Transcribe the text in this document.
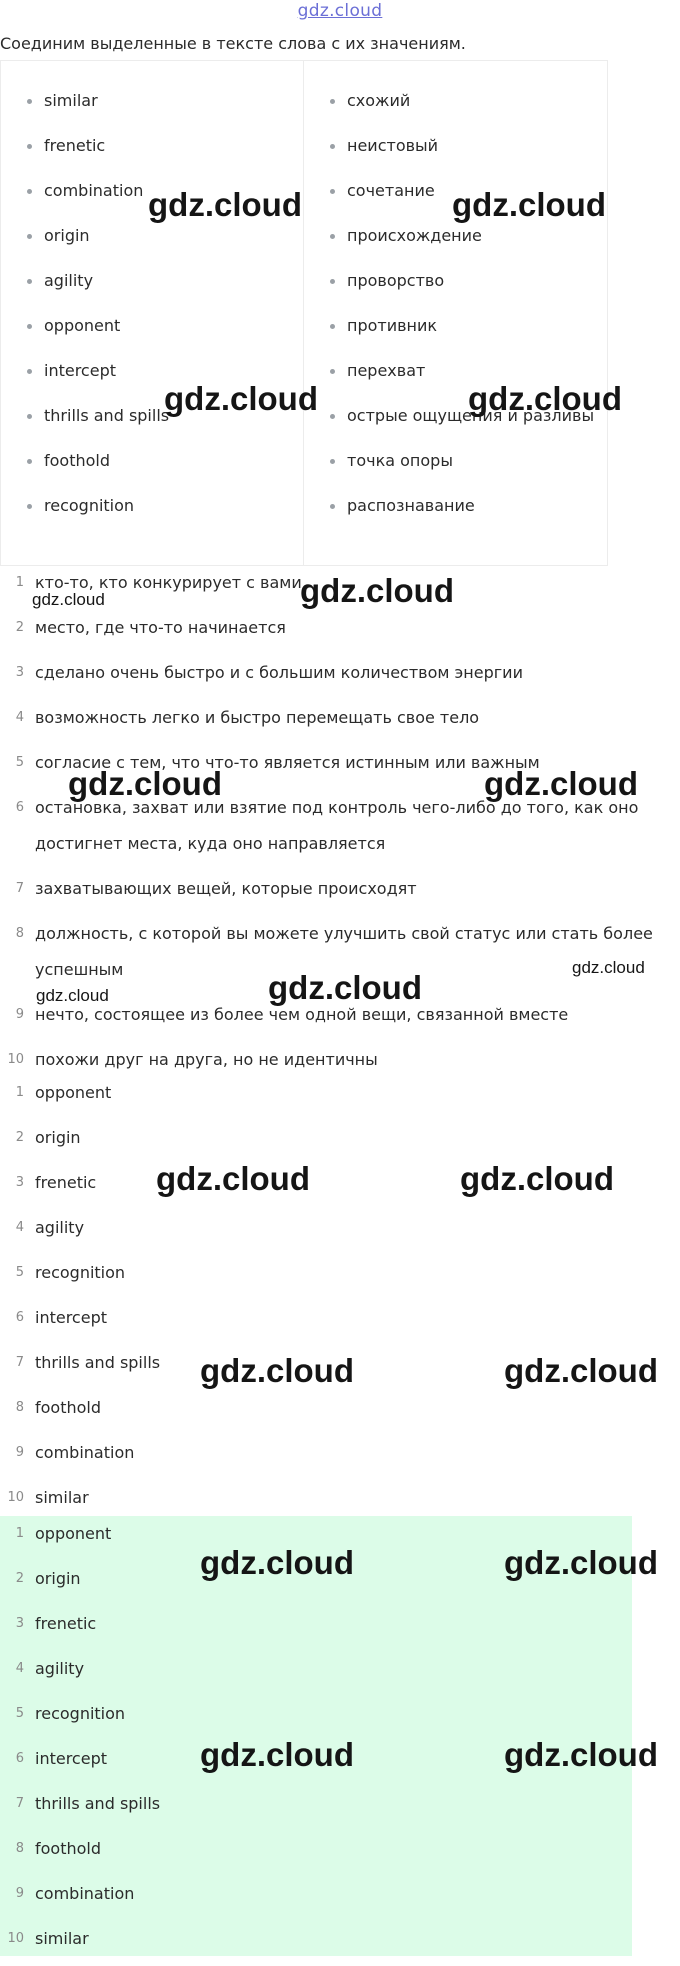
gdz.cloud
Соединим выделенные в тексте слова с их значениям.
similar
frenetic
combination
origin
agility
opponent
intercept
thrills and spills
foothold
recognition
схожий
неистовый
сочетание
происхождение
проворство
противник
перехват
острые ощущения и разливы
точка опоры
распознавание
1 кто-то, кто конкурирует с вами
2 место, где что-то начинается
3 сделано очень быстро и с большим количеством энергии
4 возможность легко и быстро перемещать свое тело
5 согласие с тем, что что-то является истинным или важным
6 остановка, захват или взятие под контроль чего-либо до того, как оно достигнет места, куда оно направляется
7 захватывающих вещей, которые происходят
8 должность, с которой вы можете улучшить свой статус или стать более успешным
9 нечто, состоящее из более чем одной вещи, связанной вместе
10 похожи друг на друга, но не идентичны
1 opponent
2 origin
3 frenetic
4 agility
5 recognition
6 intercept
7 thrills and spills
8 foothold
9 combination
10 similar
1 opponent
2 origin
3 frenetic
4 agility
5 recognition
6 intercept
7 thrills and spills
8 foothold
9 combination
10 similar
gdz.cloud	gdz.cloud
gdz.cloud	gdz.cloud
gdz.cloud
gdz.cloud
gdz.cloud	gdz.cloud
gdz.cloud
gdz.cloud
gdz.cloud
gdz.cloud	gdz.cloud
gdz.cloud	gdz.cloud
gdz.cloud	gdz.cloud
gdz.cloud	gdz.cloud
